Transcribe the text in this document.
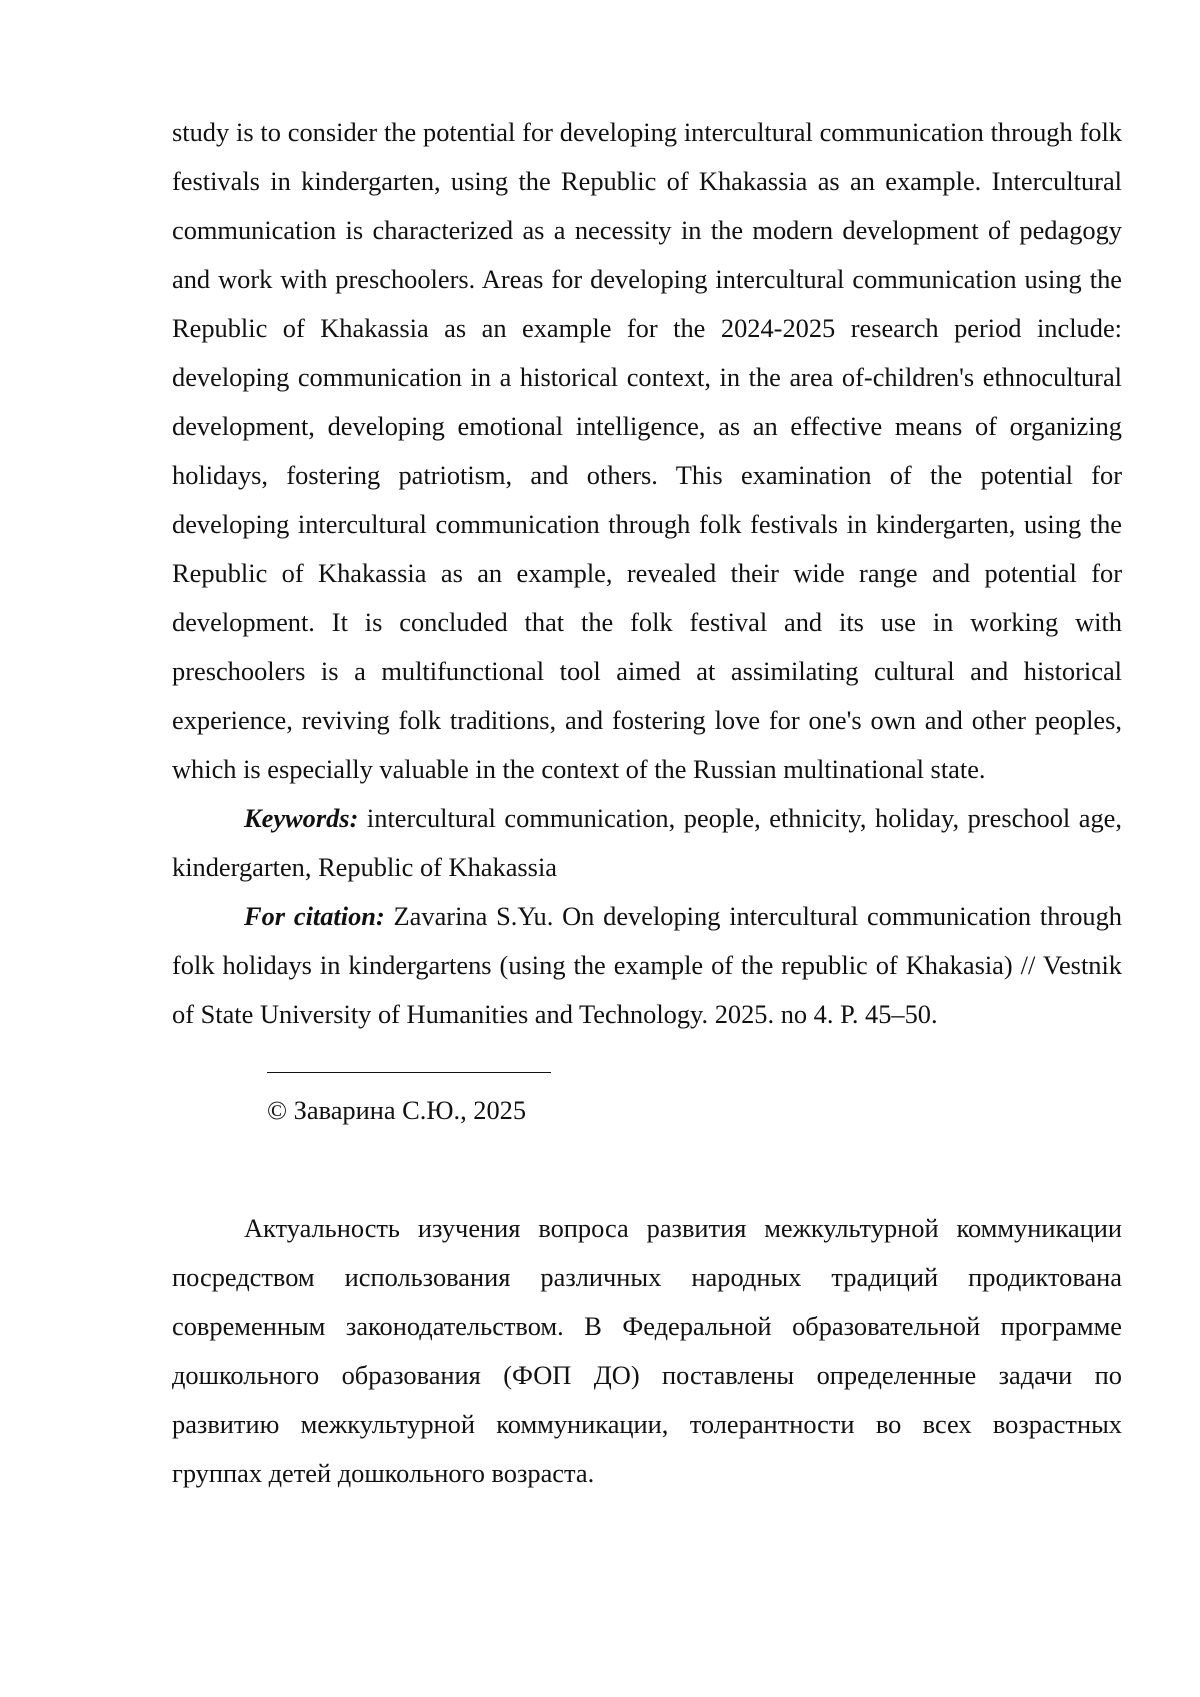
study is to consider the potential for developing intercultural communication through folk festivals in kindergarten, using the Republic of Khakassia as an example. Intercultural communication is characterized as a necessity in the modern development of pedagogy and work with preschoolers. Areas for developing intercultural communication using the Republic of Khakassia as an example for the 2024-2025 research period include: developing communication in a historical context, in the area of-children's ethnocultural development, developing emotional intelligence, as an effective means of organizing holidays, fostering patriotism, and others. This examination of the potential for developing intercultural communication through folk festivals in kindergarten, using the Republic of Khakassia as an example, revealed their wide range and potential for development. It is concluded that the folk festival and its use in working with preschoolers is a multifunctional tool aimed at assimilating cultural and historical experience, reviving folk traditions, and fostering love for one's own and other peoples, which is especially valuable in the context of the Russian multinational state.

Keywords: intercultural communication, people, ethnicity, holiday, preschool age, kindergarten, Republic of Khakassia

For citation: Zavarina S.Yu. On developing intercultural communication through folk holidays in kindergartens (using the example of the republic of Khakasia) // Vestnik of State University of Humanities and Technology. 2025. no 4. P. 45–50.

© Заварина С.Ю., 2025

Актуальность изучения вопроса развития межкультурной коммуникации посредством использования различных народных традиций продиктована современным законодательством. В Федеральной образовательной программе дошкольного образования (ФОП ДО) поставлены определенные задачи по развитию межкультурной коммуникации, толерантности во всех возрастных группах детей дошкольного возраста.
